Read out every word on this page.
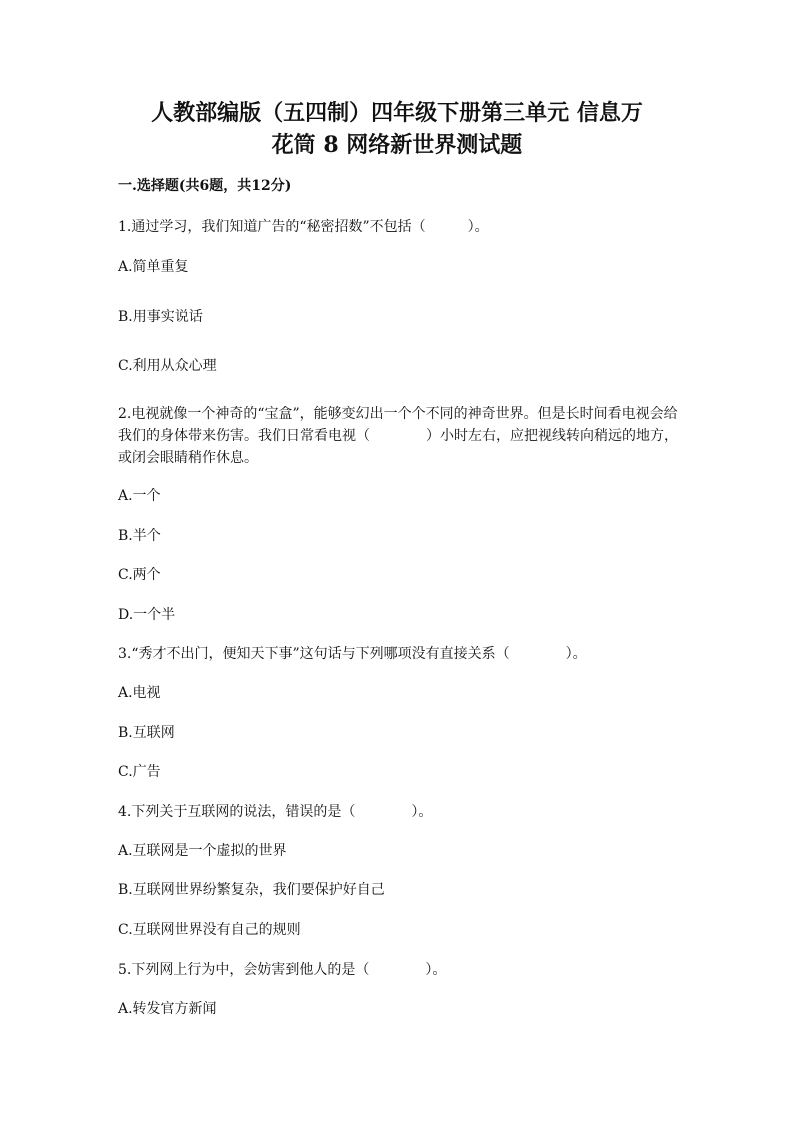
人教部编版（五四制）四年级下册第三单元 信息万
花筒 8 网络新世界测试题

一.选择题(共6题，共12分)

1.通过学习，我们知道广告的“秘密招数”不包括（　　　）。

A.简单重复

B.用事实说话

C.利用从众心理

2.电视就像一个神奇的“宝盒”，能够变幻出一个个不同的神奇世界。但是长时间看电视会给我们的身体带来伤害。我们日常看电视（　　　　）小时左右，应把视线转向稍远的地方，或闭会眼睛稍作休息。

A.一个

B.半个

C.两个

D.一个半

3.“秀才不出门，便知天下事”这句话与下列哪项没有直接关系（　　　　）。

A.电视

B.互联网

C.广告

4.下列关于互联网的说法，错误的是（　　　　）。

A.互联网是一个虚拟的世界

B.互联网世界纷繁复杂，我们要保护好自己

C.互联网世界没有自己的规则

5.下列网上行为中，会妨害到他人的是（　　　　）。

A.转发官方新闻
